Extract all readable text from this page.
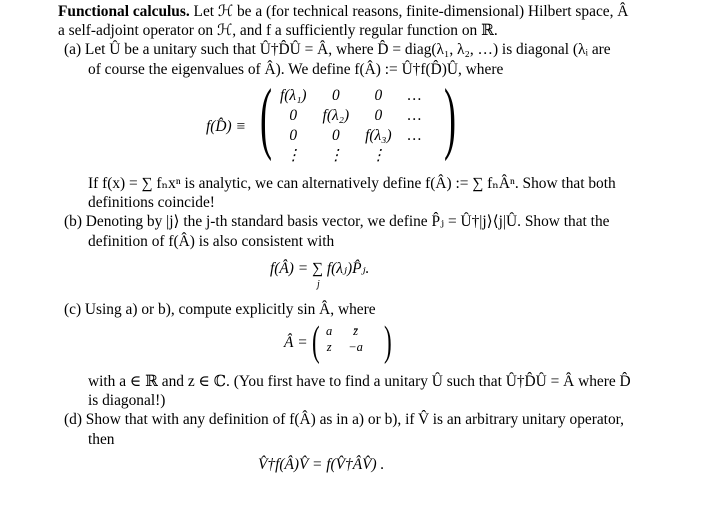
Functional calculus. Let ℋ be a (for technical reasons, finite-dimensional) Hilbert space, Â
a self-adjoint operator on ℋ, and f a sufficiently regular function on ℝ.
(a) Let Û be a unitary such that Û†D̂Û = Â, where D̂ = diag(λ₁, λ₂, …) is diagonal (λᵢ are
of course the eigenvalues of Â). We define f(Â) := Û†f(D̂)Û, where
f(D̂) ≡ ( )
f(λ₁)	0	0	…
0	f(λ₂)	0	…
0	0	f(λ₃)	…
⋮	⋮	⋮	
If f(x) = ∑ fₙxⁿ is analytic, we can alternatively define f(Â) := ∑ fₙÂⁿ. Show that both
definitions coincide!
(b) Denoting by |j⟩ the j-th standard basis vector, we define P̂ⱼ = Û†|j⟩⟨j|Û. Show that the
definition of f(Â) is also consistent with
f(Â) = ∑ f(λⱼ)P̂ⱼ.
j
(c) Using a) or b), compute explicitly sin Â, where
Â = ( )
a	z̄
z	−a
with a ∈ ℝ and z ∈ ℂ. (You first have to find a unitary Û such that Û†D̂Û = Â where D̂
is diagonal!)
(d) Show that with any definition of f(Â) as in a) or b), if V̂ is an arbitrary unitary operator,
then
V̂†f(Â)V̂ = f(V̂†ÂV̂) .
